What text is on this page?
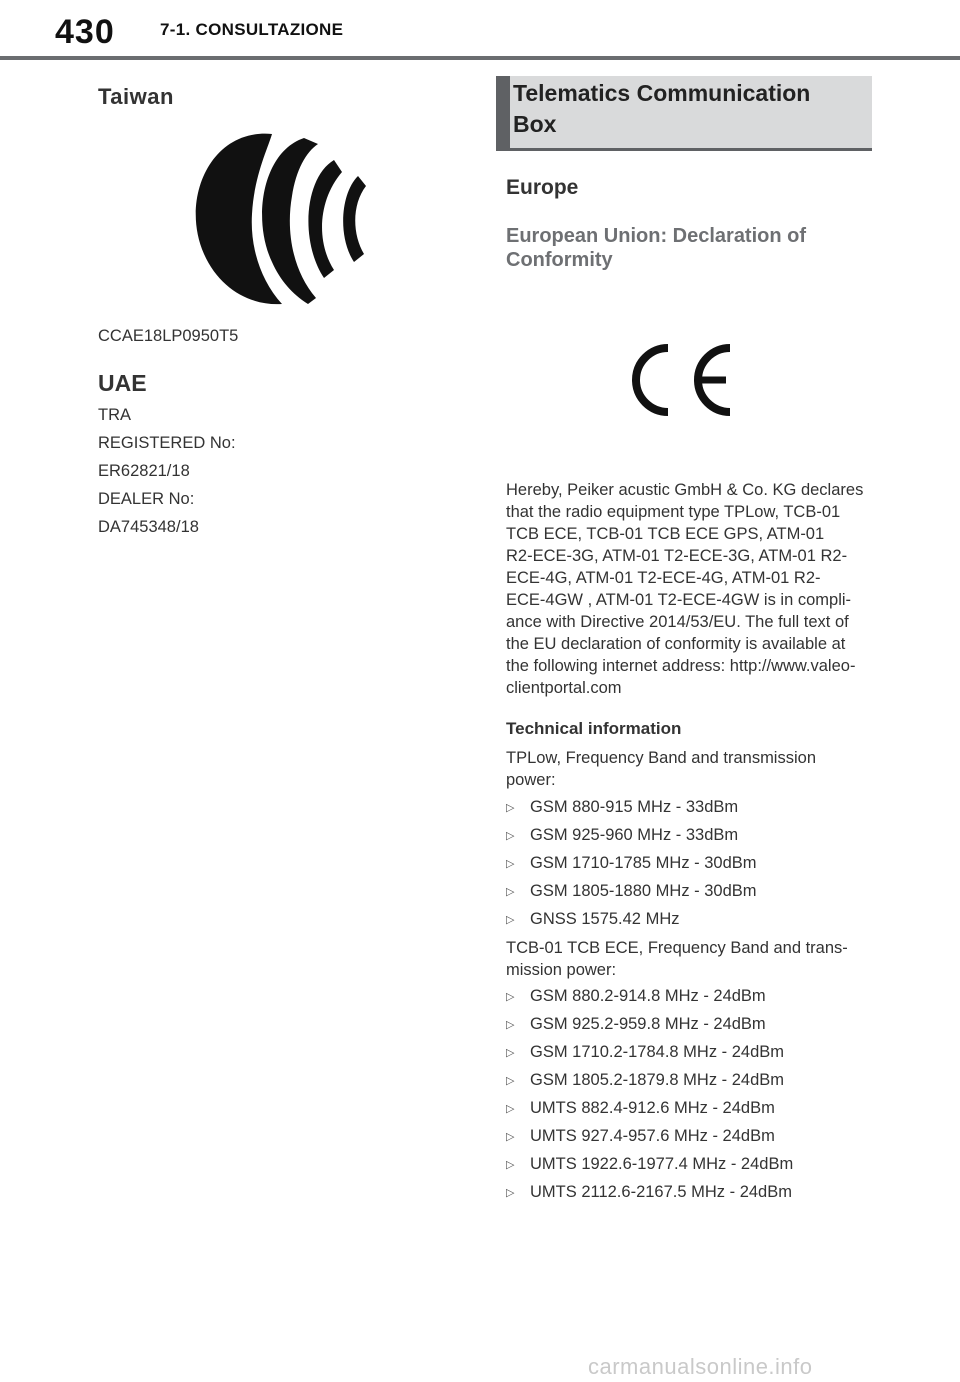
430	7-1. CONSULTAZIONE
Taiwan
CCAE18LP0950T5
UAE
TRA
REGISTERED No:
ER62821/18
DEALER No:
DA745348/18
Telematics Communication
Box
Europe
European Union: Declaration of
Conformity
Hereby, Peiker acustic GmbH & Co. KG declares
that the radio equipment type TPLow, TCB-01
TCB ECE, TCB-01 TCB ECE GPS, ATM-01
R2-ECE-3G, ATM-01 T2-ECE-3G, ATM-01 R2-
ECE-4G, ATM-01 T2-ECE-4G, ATM-01 R2-
ECE-4GW , ATM-01 T2-ECE-4GW is in compli-
ance with Directive 2014/53/EU. The full text of
the EU declaration of conformity is available at
the following internet address: http://www.valeo-
clientportal.com
Technical information
TPLow, Frequency Band and transmission
power:
▷ GSM 880-915 MHz - 33dBm
▷ GSM 925-960 MHz - 33dBm
▷ GSM 1710-1785 MHz - 30dBm
▷ GSM 1805-1880 MHz - 30dBm
▷ GNSS 1575.42 MHz
TCB-01 TCB ECE, Frequency Band and trans-
mission power:
▷ GSM 880.2-914.8 MHz - 24dBm
▷ GSM 925.2-959.8 MHz - 24dBm
▷ GSM 1710.2-1784.8 MHz - 24dBm
▷ GSM 1805.2-1879.8 MHz - 24dBm
▷ UMTS 882.4-912.6 MHz - 24dBm
▷ UMTS 927.4-957.6 MHz - 24dBm
▷ UMTS 1922.6-1977.4 MHz - 24dBm
▷ UMTS 2112.6-2167.5 MHz - 24dBm
carmanualsonline.info
